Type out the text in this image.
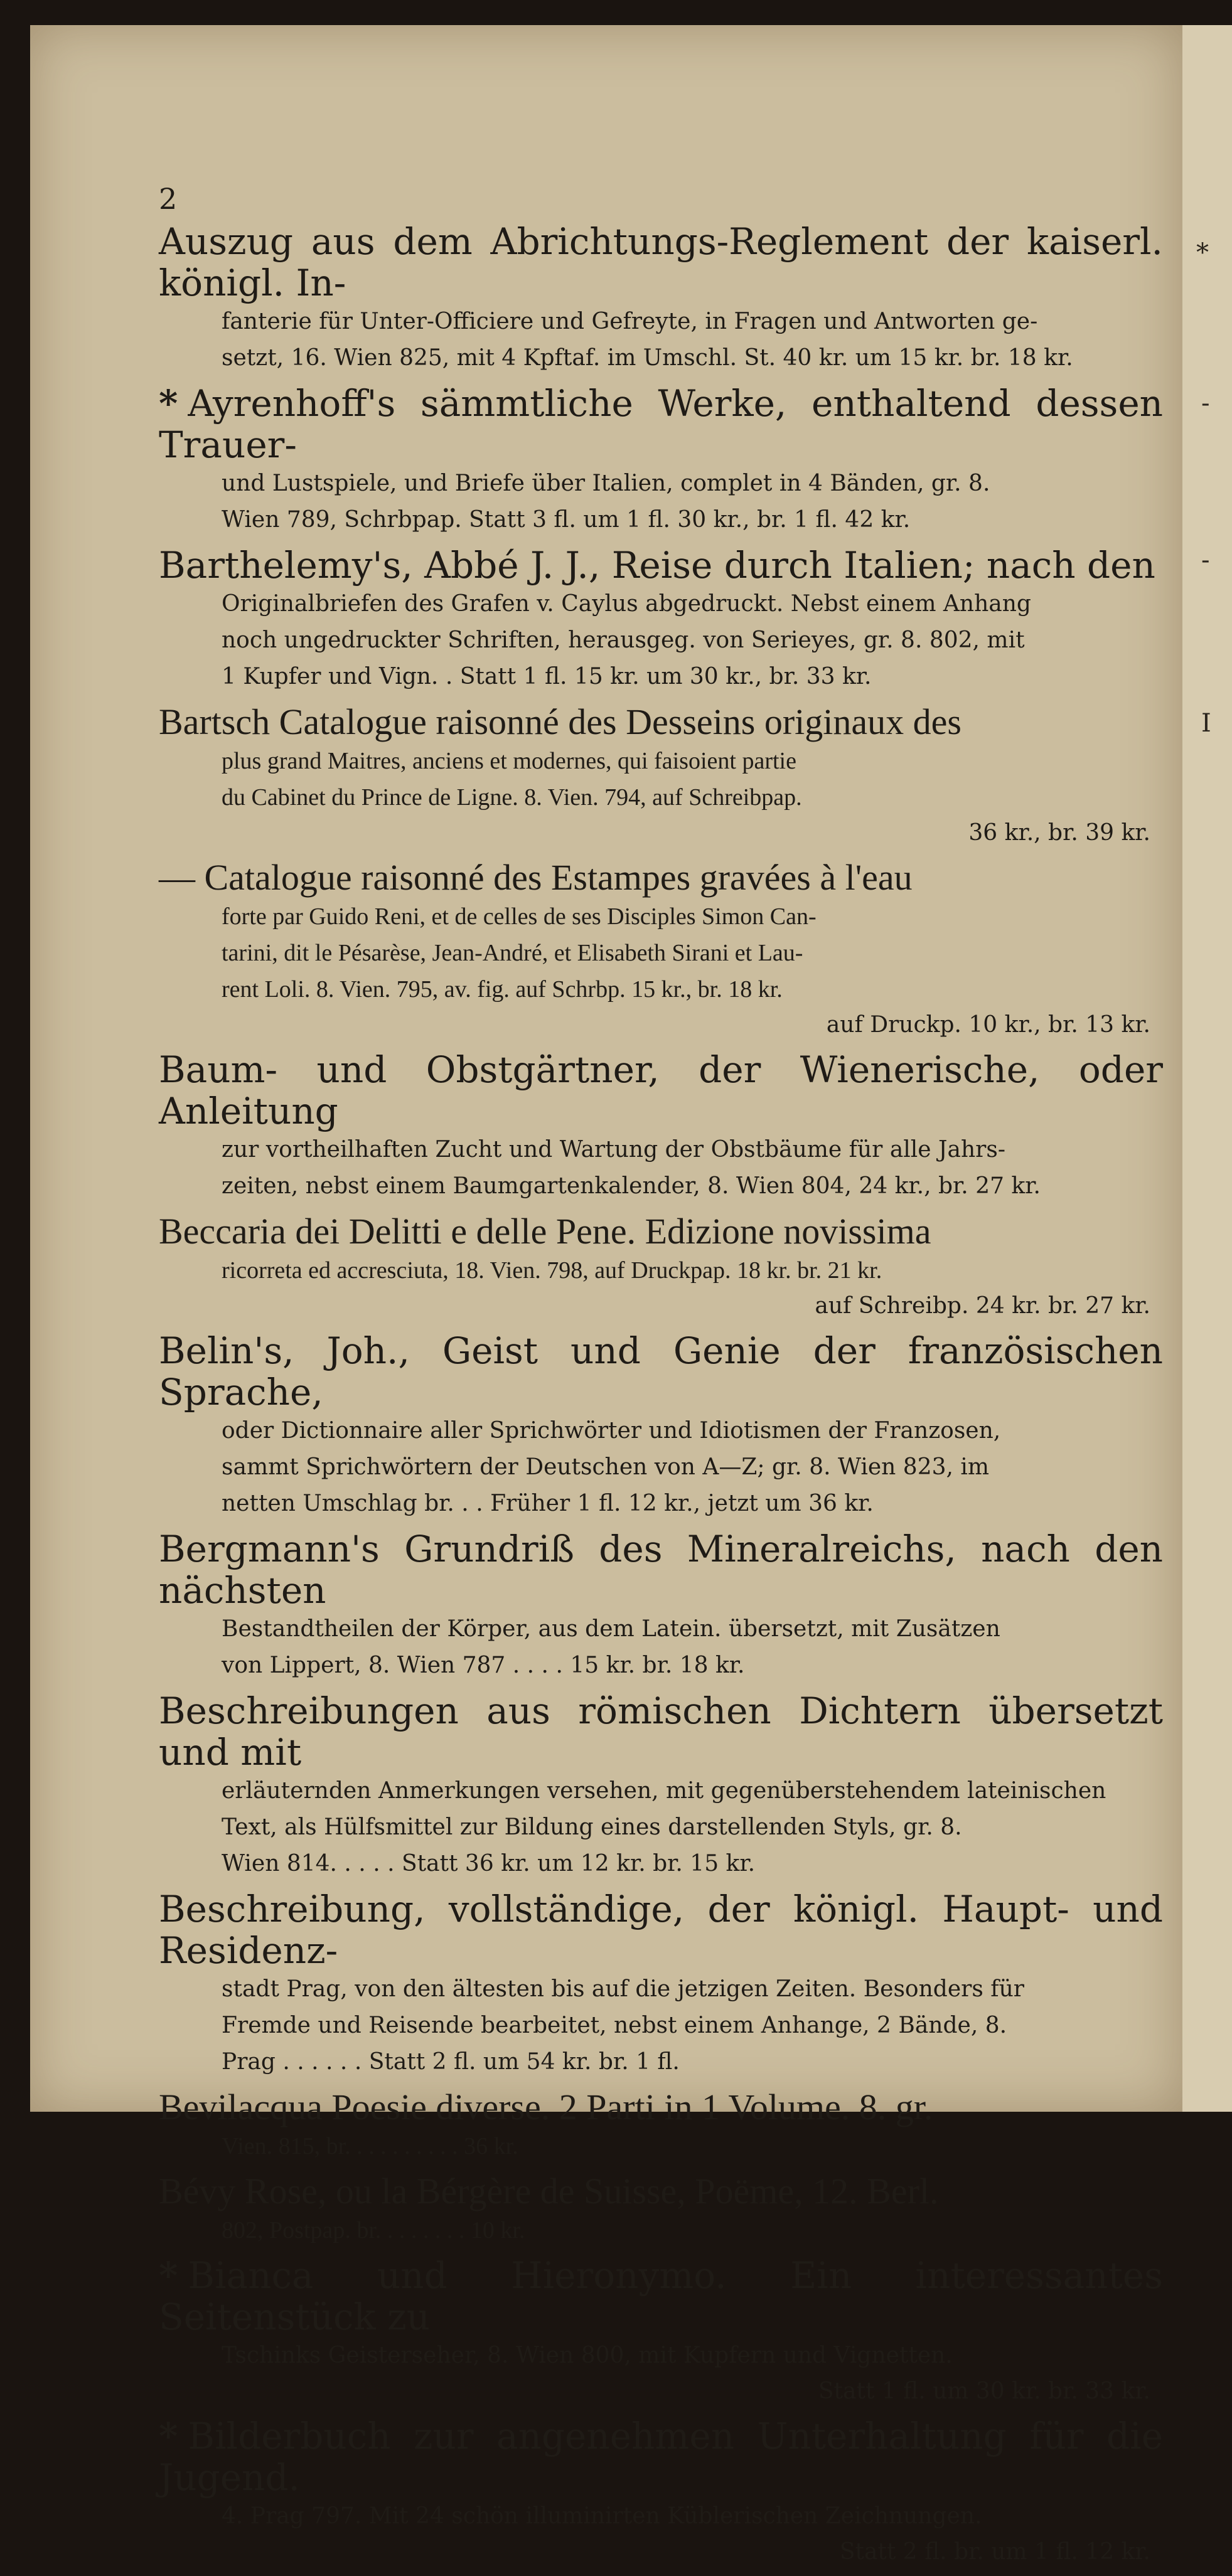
2
Auszug aus dem Abrichtungs-Reglement der kaiserl. königl. In-
fanterie für Unter-Officiere und Gefreyte, in Fragen und Antworten ge-
setzt, 16. Wien 825, mit 4 Kpftaf. im Umschl. St. 40 kr. um 15 kr. br. 18 kr.
* Ayrenhoff's sämmtliche Werke, enthaltend dessen Trauer-
und Lustspiele, und Briefe über Italien, complet in 4 Bänden, gr. 8.
Wien 789, Schrbpap. Statt 3 fl. um 1 fl. 30 kr., br. 1 fl. 42 kr.
Barthelemy's, Abbé J. J., Reise durch Italien; nach den
Originalbriefen des Grafen v. Caylus abgedruckt. Nebst einem Anhang
noch ungedruckter Schriften, herausgeg. von Serieyes, gr. 8. 802, mit
1 Kupfer und Vign. . Statt 1 fl. 15 kr. um 30 kr., br. 33 kr.
Bartsch Catalogue raisonné des Desseins originaux des
plus grand Maitres, anciens et modernes, qui faisoient partie
du Cabinet du Prince de Ligne. 8. Vien. 794, auf Schreibpap.
36 kr., br. 39 kr.
— Catalogue raisonné des Estampes gravées à l'eau
forte par Guido Reni, et de celles de ses Disciples Simon Can-
tarini, dit le Pésarèse, Jean-André, et Elisabeth Sirani et Lau-
rent Loli. 8. Vien. 795, av. fig. auf Schrbp. 15 kr., br. 18 kr.
auf Druckp. 10 kr., br. 13 kr.
Baum- und Obstgärtner, der Wienerische, oder Anleitung
zur vortheilhaften Zucht und Wartung der Obstbäume für alle Jahrs-
zeiten, nebst einem Baumgartenkalender, 8. Wien 804, 24 kr., br. 27 kr.
Beccaria dei Delitti e delle Pene. Edizione novissima
ricorreta ed accresciuta, 18. Vien. 798, auf Druckpap. 18 kr. br. 21 kr.
auf Schreibp. 24 kr. br. 27 kr.
Belin's, Joh., Geist und Genie der französischen Sprache,
oder Dictionnaire aller Sprichwörter und Idiotismen der Franzosen,
sammt Sprichwörtern der Deutschen von A—Z; gr. 8. Wien 823, im
netten Umschlag br. . . Früher 1 fl. 12 kr., jetzt um 36 kr.
Bergmann's Grundriß des Mineralreichs, nach den nächsten
Bestandtheilen der Körper, aus dem Latein. übersetzt, mit Zusätzen
von Lippert, 8. Wien 787 . . . . 15 kr. br. 18 kr.
Beschreibungen aus römischen Dichtern übersetzt und mit
erläuternden Anmerkungen versehen, mit gegenüberstehendem lateinischen
Text, als Hülfsmittel zur Bildung eines darstellenden Styls, gr. 8.
Wien 814. . . . . Statt 36 kr. um 12 kr. br. 15 kr.
Beschreibung, vollständige, der königl. Haupt- und Residenz-
stadt Prag, von den ältesten bis auf die jetzigen Zeiten. Besonders für
Fremde und Reisende bearbeitet, nebst einem Anhange, 2 Bände, 8.
Prag . . . . . . Statt 2 fl. um 54 kr. br. 1 fl.
Bevilacqua Poesie diverse. 2 Parti in 1 Volume. 8. gr.
Vien. 815, br. . . . . . . . . . 36 kr.
Bévy Rose, ou la Bérgère de Suisse, Poëme, 12. Berl.
802, Postpap. br. . . . . . . . 10 kr.
* Bianca und Hieronymo. Ein interessantes Seitenstück zu
Tschinks Geisterseher, 8. Wien 800, mit Kupfern und Vignetten.
Statt 1 fl. um 30 kr. br. 33 kr.
* Bilderbuch zur angenehmen Unterhaltung für die Jugend.
4. Prag 797. Mit 24 schön illuminirten Küblerischen Zeichnungen.
Statt 2 fl. br. um 1 fl. 12 kr.
*
-
-
I
